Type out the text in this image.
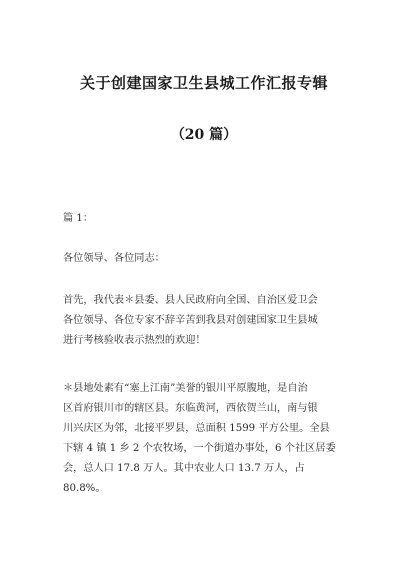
关于创建国家卫生县城工作汇报专辑
（20 篇）
篇 1：
各位领导、各位同志：
首先，我代表＊县委、县人民政府向全国、自治区爱卫会
各位领导、各位专家不辞辛苦到我县对创建国家卫生县城
进行考核验收表示热烈的欢迎！
＊县地处素有“塞上江南”美誉的银川平原腹地，是自治
区首府银川市的辖区县。东临黄河，西依贺兰山，南与银
川兴庆区为邻，北接平罗县，总面积 1599 平方公里。全县
下辖 4 镇 1 乡 2 个农牧场，一个街道办事处，6 个社区居委
会，总人口 17.8 万人。其中农业人口 13.7 万人，占
80.8%。
